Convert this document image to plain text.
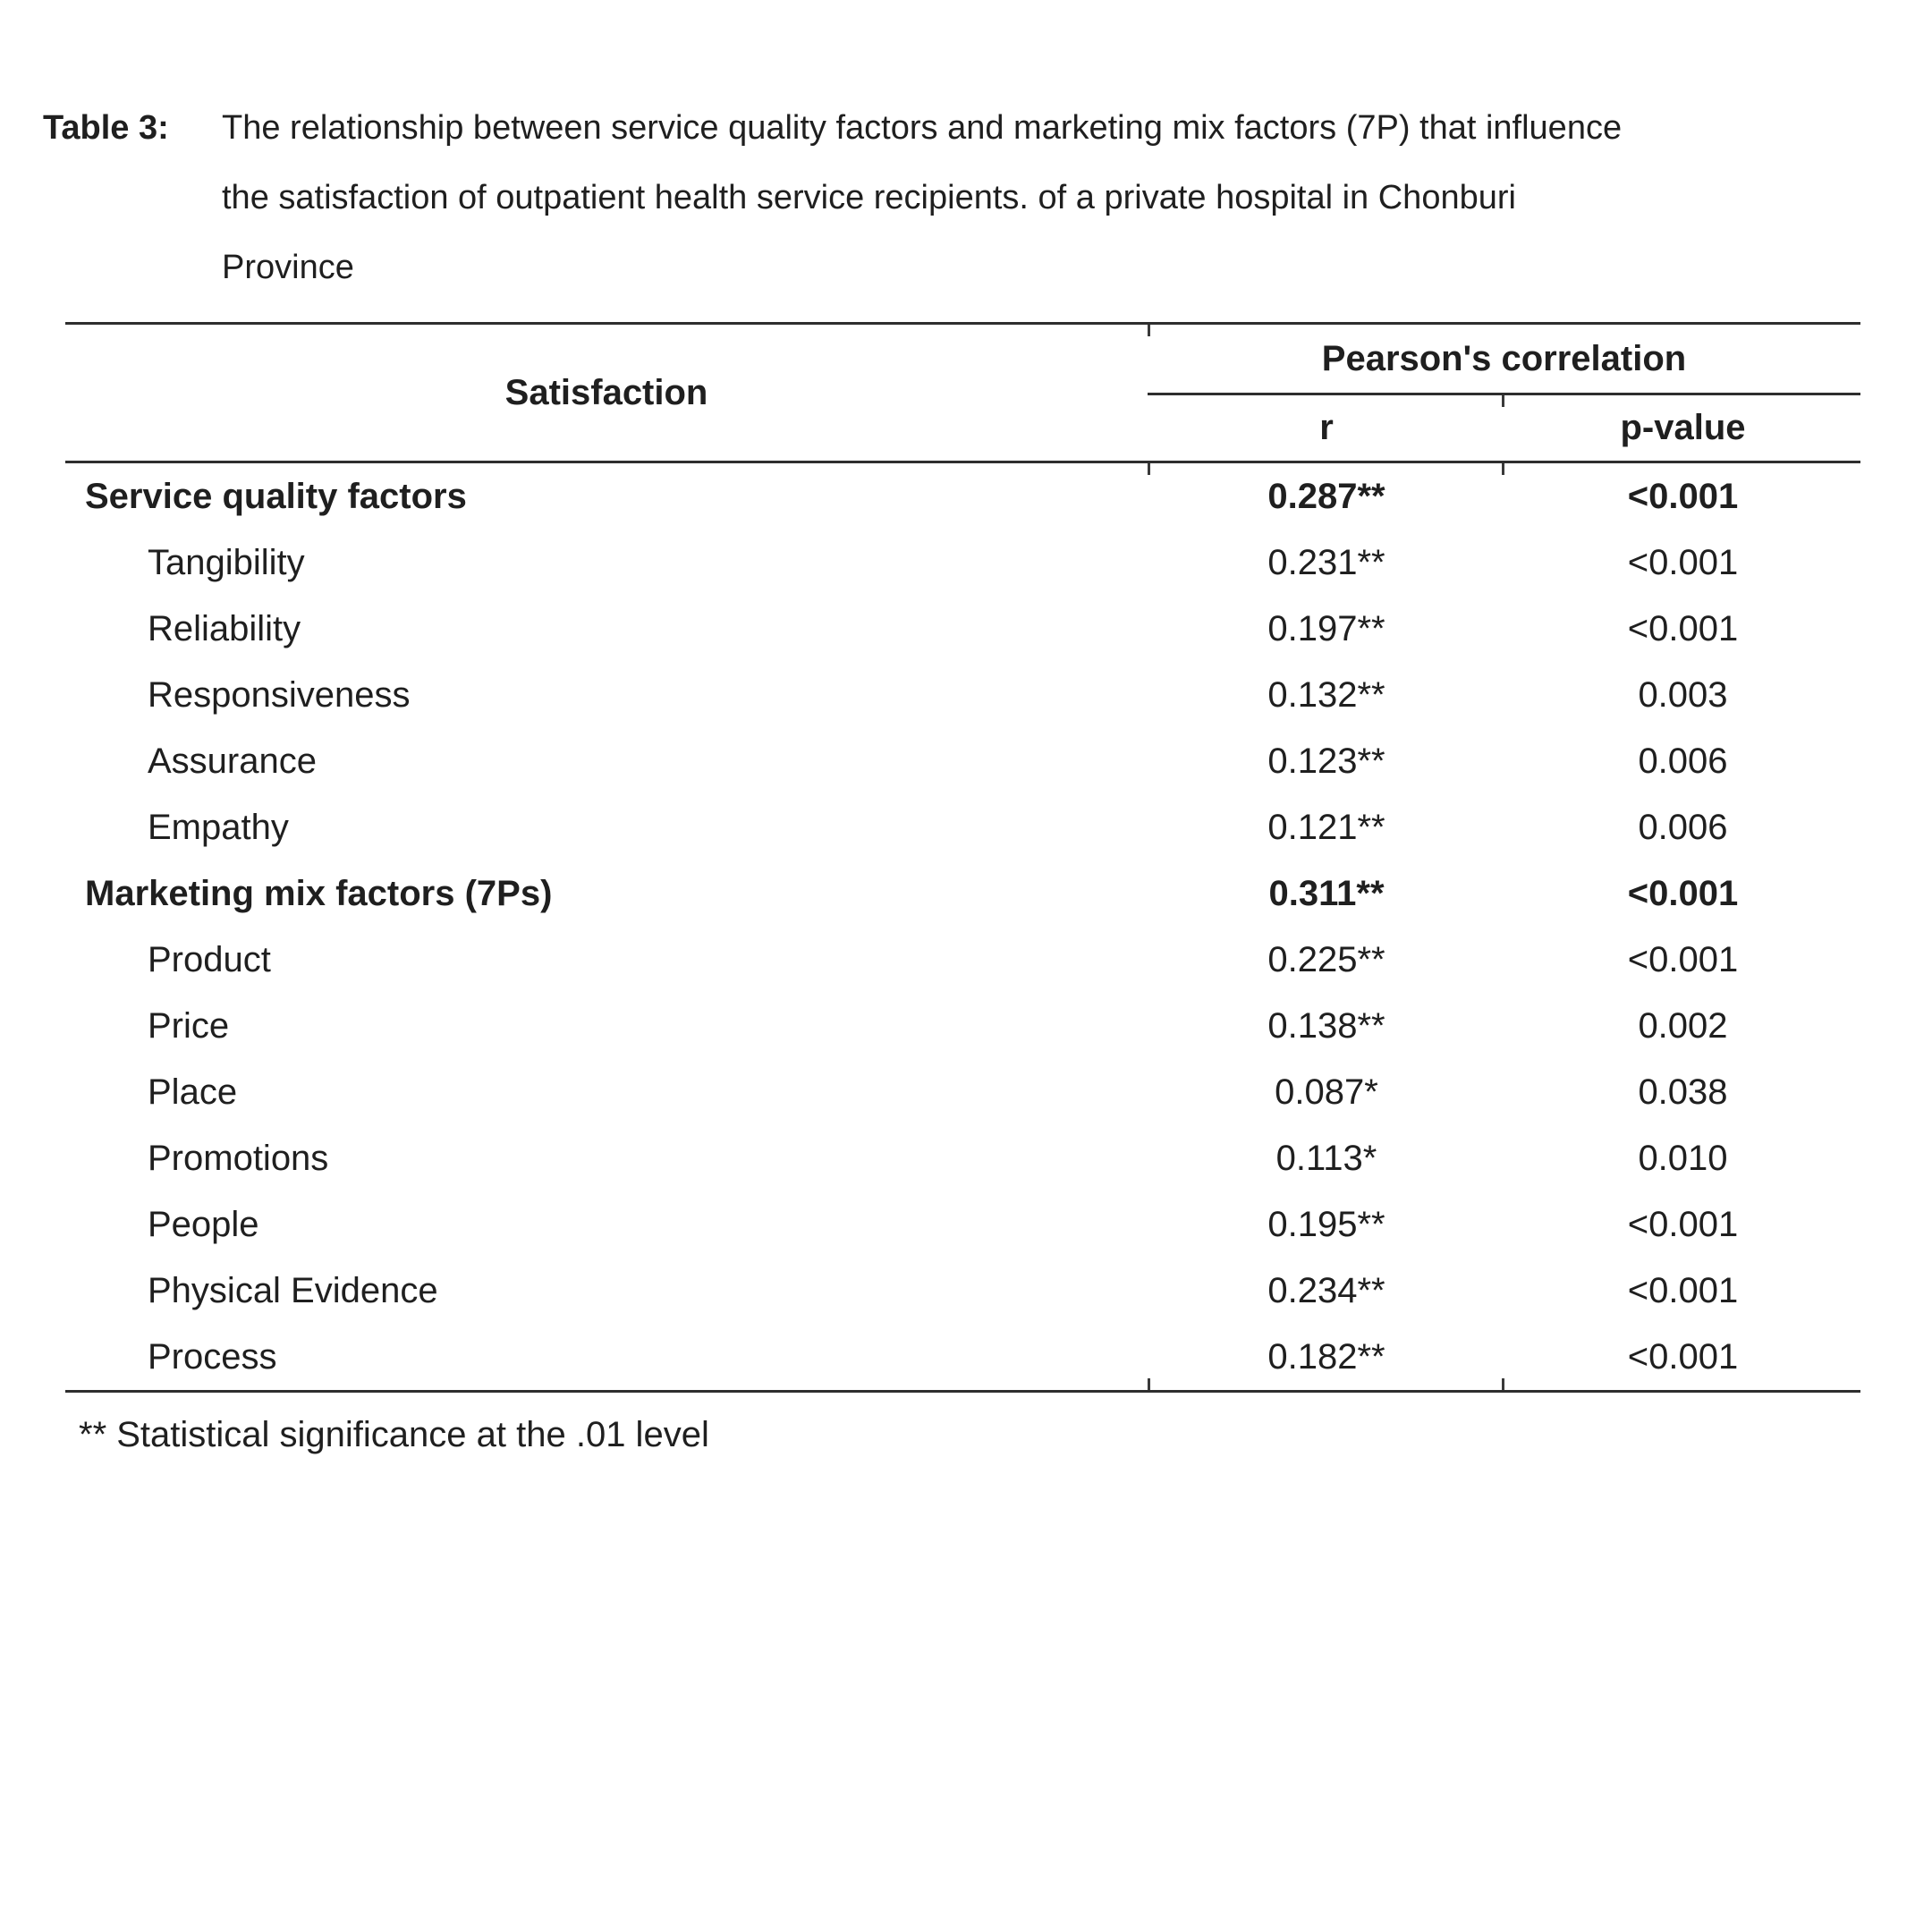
Table 3:	The relationship between service quality factors and marketing mix factors (7P) that influence
the satisfaction of outpatient health service recipients. of a private hospital in Chonburi
Province
Satisfaction
Pearson's correlation
r	p-value
Service quality factors	0.287**	<0.001
Tangibility	0.231**	<0.001
Reliability	0.197**	<0.001
Responsiveness	0.132**	0.003
Assurance	0.123**	0.006
Empathy	0.121**	0.006
Marketing mix factors (7Ps)	0.311**	<0.001
Product	0.225**	<0.001
Price	0.138**	0.002
Place	0.087*	0.038
Promotions	0.113*	0.010
People	0.195**	<0.001
Physical Evidence	0.234**	<0.001
Process	0.182**	<0.001
** Statistical significance at the .01 level
